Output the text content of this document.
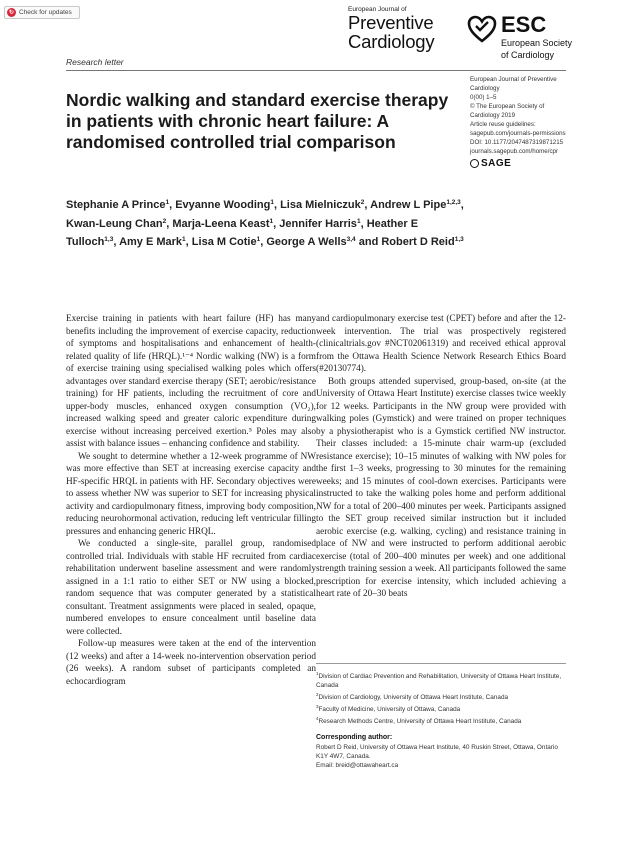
↻ Check for updates	European Journal of
Preventive
Cardiology
ESC
European Society
of Cardiology
Research letter
Nordic walking and standard exercise therapy in patients with chronic heart failure: A randomised controlled trial comparison
European Journal of Preventive
Cardiology
0(00) 1–5
© The European Society of
Cardiology 2019
Article reuse guidelines:
sagepub.com/journals-permissions
DOI: 10.1177/2047487319871215
journals.sagepub.com/home/cpr
SAGE
Stephanie A Prince$^1$, Evyanne Wooding$^1$, Lisa Mielniczuk$^2$, Andrew L Pipe$^{1,2,3}$, Kwan-Leung Chan$^2$, Marja-Leena Keast$^1$, Jennifer Harris$^1$, Heather E Tulloch$^{1,3}$, Amy E Mark$^1$, Lisa M Cotie$^1$, George A Wells$^{3,4}$ and Robert D Reid$^{1,3}$

Exercise training in patients with heart failure (HF) has many benefits including the improvement of exercise capacity, reduction of symptoms and hospitalisations and enhancement of health-related quality of life (HRQL).¹⁻⁴ Nordic walking (NW) is a form of exercise training using specialised walking poles which offers advantages over standard exercise therapy (SET; aerobic/resistance training) for HF patients, including the recruitment of core and upper-body muscles, enhanced oxygen consumption (VO₂), increased walking speed and greater caloric expenditure during exercise without increasing perceived exertion.⁵ Poles may also assist with balance issues – enhancing confidence and stability.

We sought to determine whether a 12-week programme of NW was more effective than SET at increasing exercise capacity and HF-specific HRQL in patients with HF. Secondary objectives were to assess whether NW was superior to SET for increasing physical activity and cardiopulmonary fitness, improving body composition, reducing neurohormonal activation, reducing left ventricular filling pressures and enhancing generic HRQL.

We conducted a single-site, parallel group, randomised controlled trial. Individuals with stable HF recruited from cardiac rehabilitation underwent baseline assessment and were randomly assigned in a 1:1 ratio to either SET or NW using a blocked, random sequence that was computer generated by a statistical consultant. Treatment assignments were placed in sealed, opaque, numbered envelopes to ensure concealment until baseline data were collected.

Follow-up measures were taken at the end of the intervention (12 weeks) and after a 14-week no-intervention observation period (26 weeks). A random subset of participants completed an echocardiogram

and cardiopulmonary exercise test (CPET) before and after the 12-week intervention. The trial was prospectively registered (clinicaltrials.gov #NCT02061319) and received ethical approval from the Ottawa Health Science Network Research Ethics Board (#20130774).

Both groups attended supervised, group-based, on-site (at the University of Ottawa Heart Institute) exercise classes twice weekly for 12 weeks. Participants in the NW group were provided with walking poles (Gymstick) and were trained on proper techniques by a physiotherapist who is a Gymstick certified NW instructor. Their classes included: a 15-minute chair warm-up (excluded resistance exercise); 10–15 minutes of walking with NW poles for the first 1–3 weeks, progressing to 30 minutes for the remaining weeks; and 15 minutes of cool-down exercises. Participants were instructed to take the walking poles home and perform additional NW for a total of 200–400 minutes per week. Participants assigned to the SET group received similar instruction but it included aerobic exercise (e.g. walking, cycling) and resistance training in place of NW and were instructed to perform additional aerobic exercise (total of 200–400 minutes per week) and one additional strength training session a week. All participants followed the same prescription for exercise intensity, which included achieving a heart rate of 20–30 beats

$^1$Division of Cardiac Prevention and Rehabilitation, University of Ottawa Heart Institute, Canada
$^2$Division of Cardiology, University of Ottawa Heart Institute, Canada
$^3$Faculty of Medicine, University of Ottawa, Canada
$^4$Research Methods Centre, University of Ottawa Heart Institute, Canada
Corresponding author:
Robert D Reid, University of Ottawa Heart Institute, 40 Ruskin Street, Ottawa, Ontario K1Y 4W7, Canada.
Email: breid@ottawaheart.ca
